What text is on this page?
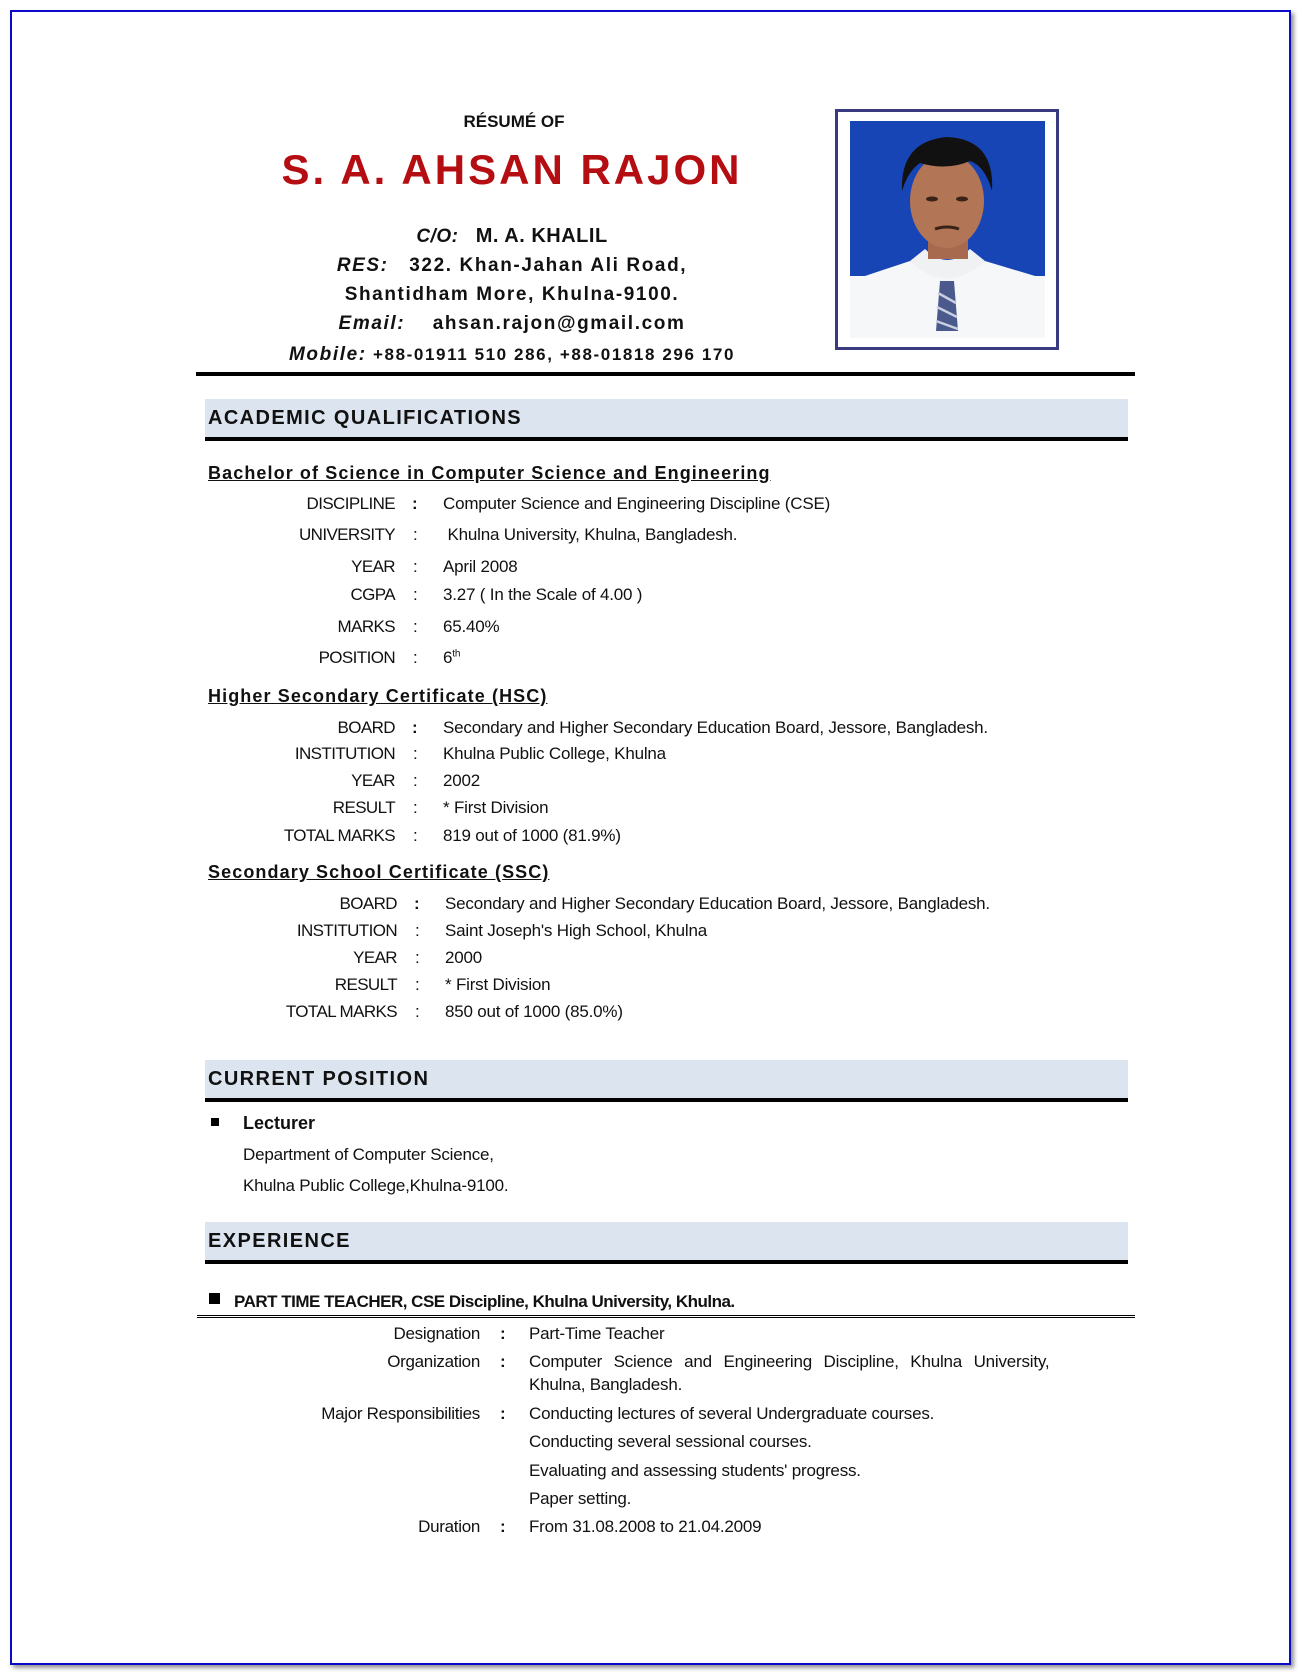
RÉSUMÉ OF
S. A. AHSAN RAJON
C/O: M. A. KHALIL
RES: 322. Khan-Jahan Ali Road,
Shantidham More, Khulna-9100.
Email: ahsan.rajon@gmail.com
Mobile: +88-01911 510 286, +88-01818 296 170
ACADEMIC QUALIFICATIONS
Bachelor of Science in Computer Science and Engineering
DISCIPLINE : Computer Science and Engineering Discipline (CSE)
UNIVERSITY : Khulna University, Khulna, Bangladesh.
YEAR : April 2008
CGPA : 3.27 ( In the Scale of 4.00 )
MARKS : 65.40%
POSITION : 6th
Higher Secondary Certificate (HSC)
BOARD : Secondary and Higher Secondary Education Board, Jessore, Bangladesh.
INSTITUTION : Khulna Public College, Khulna
YEAR : 2002
RESULT : * First Division
TOTAL MARKS : 819 out of 1000 (81.9%)
Secondary School Certificate (SSC)
BOARD : Secondary and Higher Secondary Education Board, Jessore, Bangladesh.
INSTITUTION : Saint Joseph's High School, Khulna
YEAR : 2000
RESULT : * First Division
TOTAL MARKS : 850 out of 1000 (85.0%)
CURRENT POSITION
Lecturer
Department of Computer Science,
Khulna Public College,Khulna-9100.
EXPERIENCE
PART TIME TEACHER, CSE Discipline, Khulna University, Khulna.
Designation : Part-Time Teacher
Organization : Computer Science and Engineering Discipline, Khulna University,
Khulna, Bangladesh.
Major Responsibilities : Conducting lectures of several Undergraduate courses.
Conducting several sessional courses.
Evaluating and assessing students' progress.
Paper setting.
Duration : From 31.08.2008 to 21.04.2009
